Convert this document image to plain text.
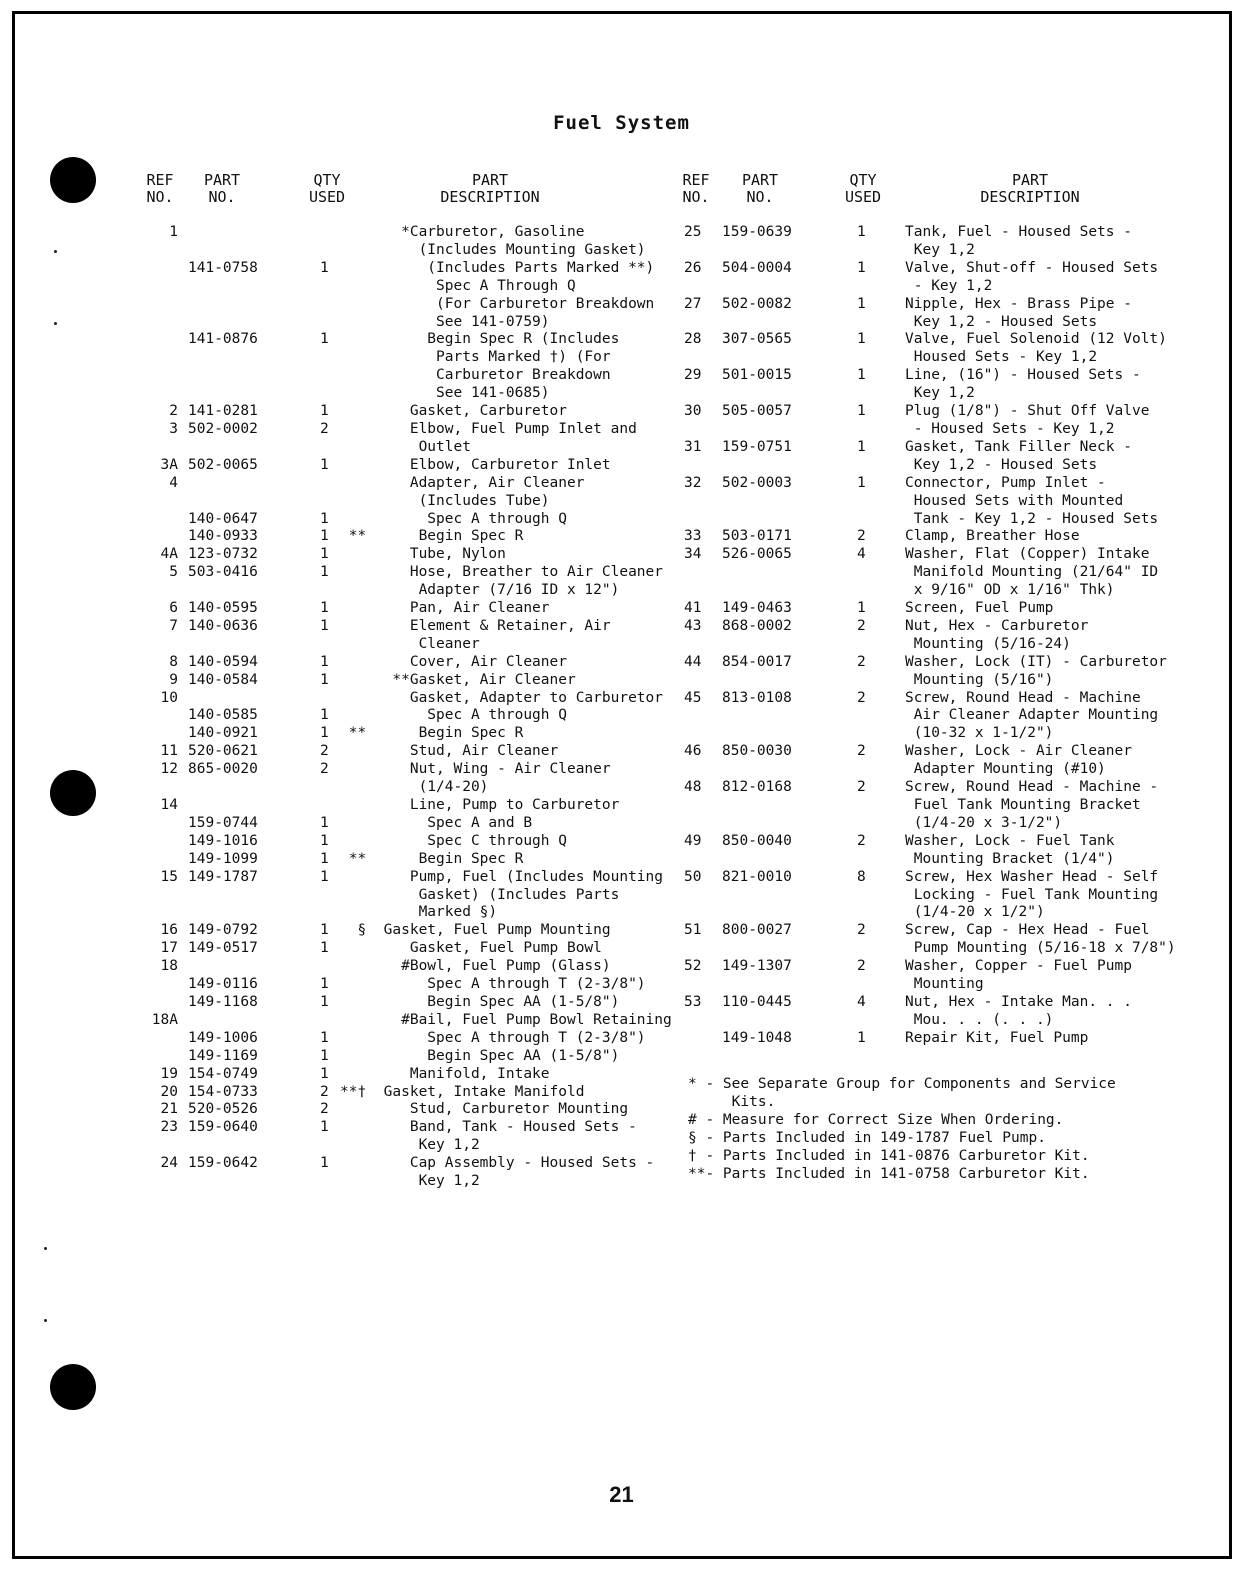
Fuel System
REF
NO.
PART
NO.
QTY
USED
PART
DESCRIPTION
REF
NO.
PART
NO.
QTY
USED
PART
DESCRIPTION
1

2
3

3A
4

4A
5

6
7

8
9
10

11
12

14

15

16
17
18

18A

19
20
21
23

24

141-0758

141-0876

141-0281
502-0002

502-0065

140-0647
140-0933
123-0732
503-0416

140-0595
140-0636

140-0594
140-0584

140-0585
140-0921
520-0621
865-0020

159-0744
149-1016
149-1099
149-1787

149-0792
149-0517

149-0116
149-1168

149-1006
149-1169
154-0749
154-0733
520-0526
159-0640

159-0642

1

1

1
2

1

1
1
1
1

1
1

1
1

1
1
2
2

1
1
1
1

1
1

1
1

1
1
1
2
2
1

1
*Carburetor, Gasoline
(Includes Mounting Gasket)
(Includes Parts Marked **)
Spec A Through Q
(For Carburetor Breakdown
See 141-0759)
Begin Spec R (Includes
Parts Marked †) (For
Carburetor Breakdown
See 141-0685)
Gasket, Carburetor
Elbow, Fuel Pump Inlet and
Outlet
Elbow, Carburetor Inlet
Adapter, Air Cleaner
(Includes Tube)
Spec A through Q
**      Begin Spec R
Tube, Nylon
Hose, Breather to Air Cleaner
Adapter (7/16 ID x 12")
Pan, Air Cleaner
Element & Retainer, Air
Cleaner
Cover, Air Cleaner
**Gasket, Air Cleaner
Gasket, Adapter to Carburetor
Spec A through Q
**      Begin Spec R
Stud, Air Cleaner
Nut, Wing - Air Cleaner
(1/4-20)
Line, Pump to Carburetor
Spec A and B
Spec C through Q
**      Begin Spec R
Pump, Fuel (Includes Mounting
Gasket) (Includes Parts
Marked §)
§  Gasket, Fuel Pump Mounting
Gasket, Fuel Pump Bowl
#Bowl, Fuel Pump (Glass)
Spec A through T (2-3/8")
Begin Spec AA (1-5/8")
#Bail, Fuel Pump Bowl Retaining
Spec A through T (2-3/8")
Begin Spec AA (1-5/8")
Manifold, Intake
**†  Gasket, Intake Manifold
Stud, Carburetor Mounting
Band, Tank - Housed Sets -
Key 1,2
Cap Assembly - Housed Sets -
Key 1,2
25

26

27

28

29

30

31

32

33
34

41
43

44

45

46

48

49

50

51

52

53
159-0639

504-0004

502-0082

307-0565

501-0015

505-0057

159-0751

502-0003

503-0171
526-0065

149-0463
868-0002

854-0017

813-0108

850-0030

812-0168

850-0040

821-0010

800-0027

149-1307

110-0445

149-1048
1

1

1

1

1

1

1

1

2
4

1
2

2

2

2

2

2

8

2

2

4

1
Tank, Fuel - Housed Sets -
Key 1,2
Valve, Shut-off - Housed Sets
- Key 1,2
Nipple, Hex - Brass Pipe -
Key 1,2 - Housed Sets
Valve, Fuel Solenoid (12 Volt)
Housed Sets - Key 1,2
Line, (16") - Housed Sets -
Key 1,2
Plug (1/8") - Shut Off Valve
- Housed Sets - Key 1,2
Gasket, Tank Filler Neck -
Key 1,2 - Housed Sets
Connector, Pump Inlet -
Housed Sets with Mounted
Tank - Key 1,2 - Housed Sets
Clamp, Breather Hose
Washer, Flat (Copper) Intake
Manifold Mounting (21/64" ID
x 9/16" OD x 1/16" Thk)
Screen, Fuel Pump
Nut, Hex - Carburetor
Mounting (5/16-24)
Washer, Lock (IT) - Carburetor
Mounting (5/16")
Screw, Round Head - Machine
Air Cleaner Adapter Mounting
(10-32 x 1-1/2")
Washer, Lock - Air Cleaner
Adapter Mounting (#10)
Screw, Round Head - Machine -
Fuel Tank Mounting Bracket
(1/4-20 x 3-1/2")
Washer, Lock - Fuel Tank
Mounting Bracket (1/4")
Screw, Hex Washer Head - Self
Locking - Fuel Tank Mounting
(1/4-20 x 1/2")
Screw, Cap - Hex Head - Fuel
Pump Mounting (5/16-18 x 7/8")
Washer, Copper - Fuel Pump
Mounting
Nut, Hex - Intake Man. . .
Mou. . . (. . .)
Repair Kit, Fuel Pump
* - See Separate Group for Components and Service
Kits.
# - Measure for Correct Size When Ordering.
§ - Parts Included in 149-1787 Fuel Pump.
† - Parts Included in 141-0876 Carburetor Kit.
**- Parts Included in 141-0758 Carburetor Kit.
21
